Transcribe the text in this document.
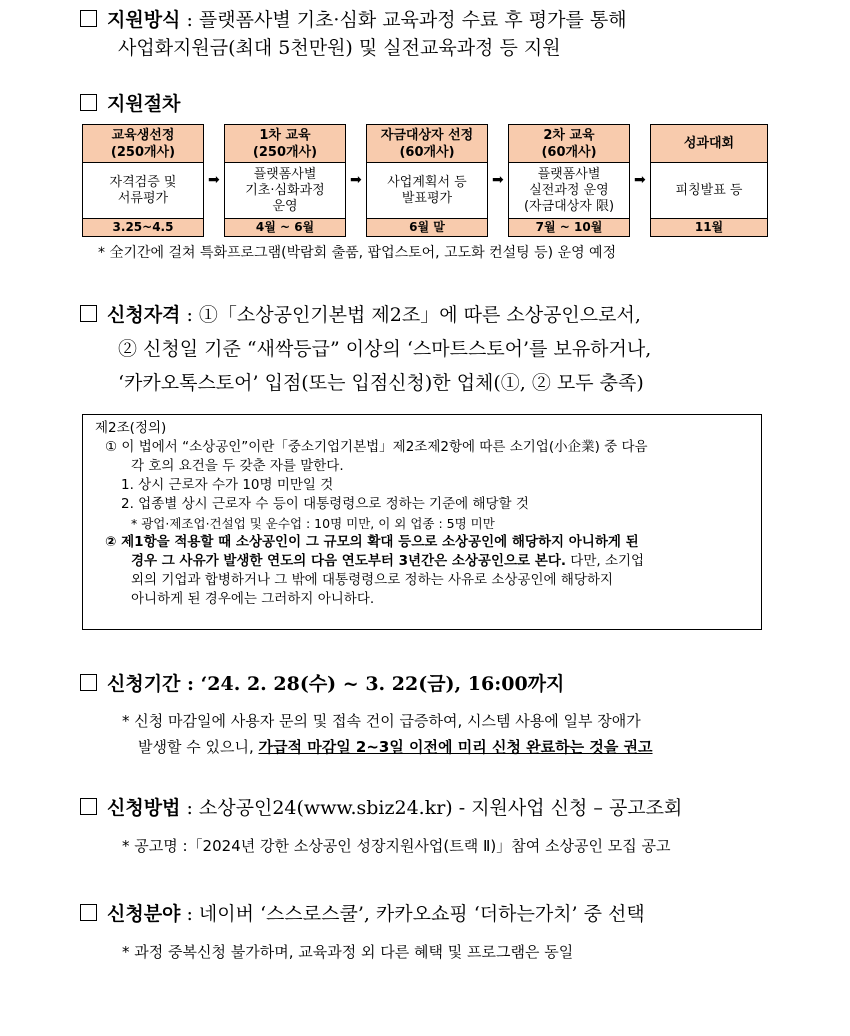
지원방식 : 플랫폼사별 기초·심화 교육과정 수료 후 평가를 통해
사업화지원금(최대 5천만원) 및 실전교육과정 등 지원
지원절차
교육생선정
(250개사)
자격검증 및
서류평가
3.25~4.5
➡
1차 교육
(250개사)
플랫폼사별
기초·심화과정
운영
4월 ~ 6월
➡
자금대상자 선정
(60개사)
사업계획서 등
발표평가
6월 말
➡
2차 교육
(60개사)
플랫폼사별
실전과정 운영
(자금대상자 限)
7월 ~ 10월
➡
성과대회
피칭발표 등
11월
* 全기간에 걸쳐 특화프로그램(박람회 출품, 팝업스토어, 고도화 컨설팅 등) 운영 예정
신청자격 : ①「소상공인기본법 제2조」에 따른 소상공인으로서,
② 신청일 기준 “새싹등급” 이상의 ‘스마트스토어’를 보유하거나,
‘카카오톡스토어’ 입점(또는 입점신청)한 업체(①, ② 모두 충족)

제2조(정의)

① 이 법에서 “소상공인”이란「중소기업기본법」제2조제2항에 따른 소기업(小企業) 중 다음

각 호의 요건을 두 갖춘 자를 말한다.

1. 상시 근로자 수가 10명 미만일 것

2. 업종별 상시 근로자 수 등이 대통령령으로 정하는 기준에 해당할 것

* 광업·제조업·건설업 및 운수업 : 10명 미만, 이 외 업종 : 5명 미만

② 제1항을 적용할 때 소상공인이 그 규모의 확대 등으로 소상공인에 해당하지 아니하게 된

경우 그 사유가 발생한 연도의 다음 연도부터 3년간은 소상공인으로 본다. 다만, 소기업

외의 기업과 합병하거나 그 밖에 대통령령으로 정하는 사유로 소상공인에 해당하지

아니하게 된 경우에는 그러하지 아니하다.

신청기간 : ‘24. 2. 28(수) ~ 3. 22(금), 16:00까지
* 신청 마감일에 사용자 문의 및 접속 건이 급증하여, 시스템 사용에 일부 장애가
발생할 수 있으니, 가급적 마감일 2~3일 이전에 미리 신청 완료하는 것을 권고
신청방법 : 소상공인24(www.sbiz24.kr) - 지원사업 신청 – 공고조회
* 공고명 :「2024년 강한 소상공인 성장지원사업(트랙 Ⅱ)」참여 소상공인 모집 공고
신청분야 : 네이버 ‘스스로스쿨’, 카카오쇼핑 ‘더하는가치’ 중 선택
* 과정 중복신청 불가하며, 교육과정 외 다른 혜택 및 프로그램은 동일
